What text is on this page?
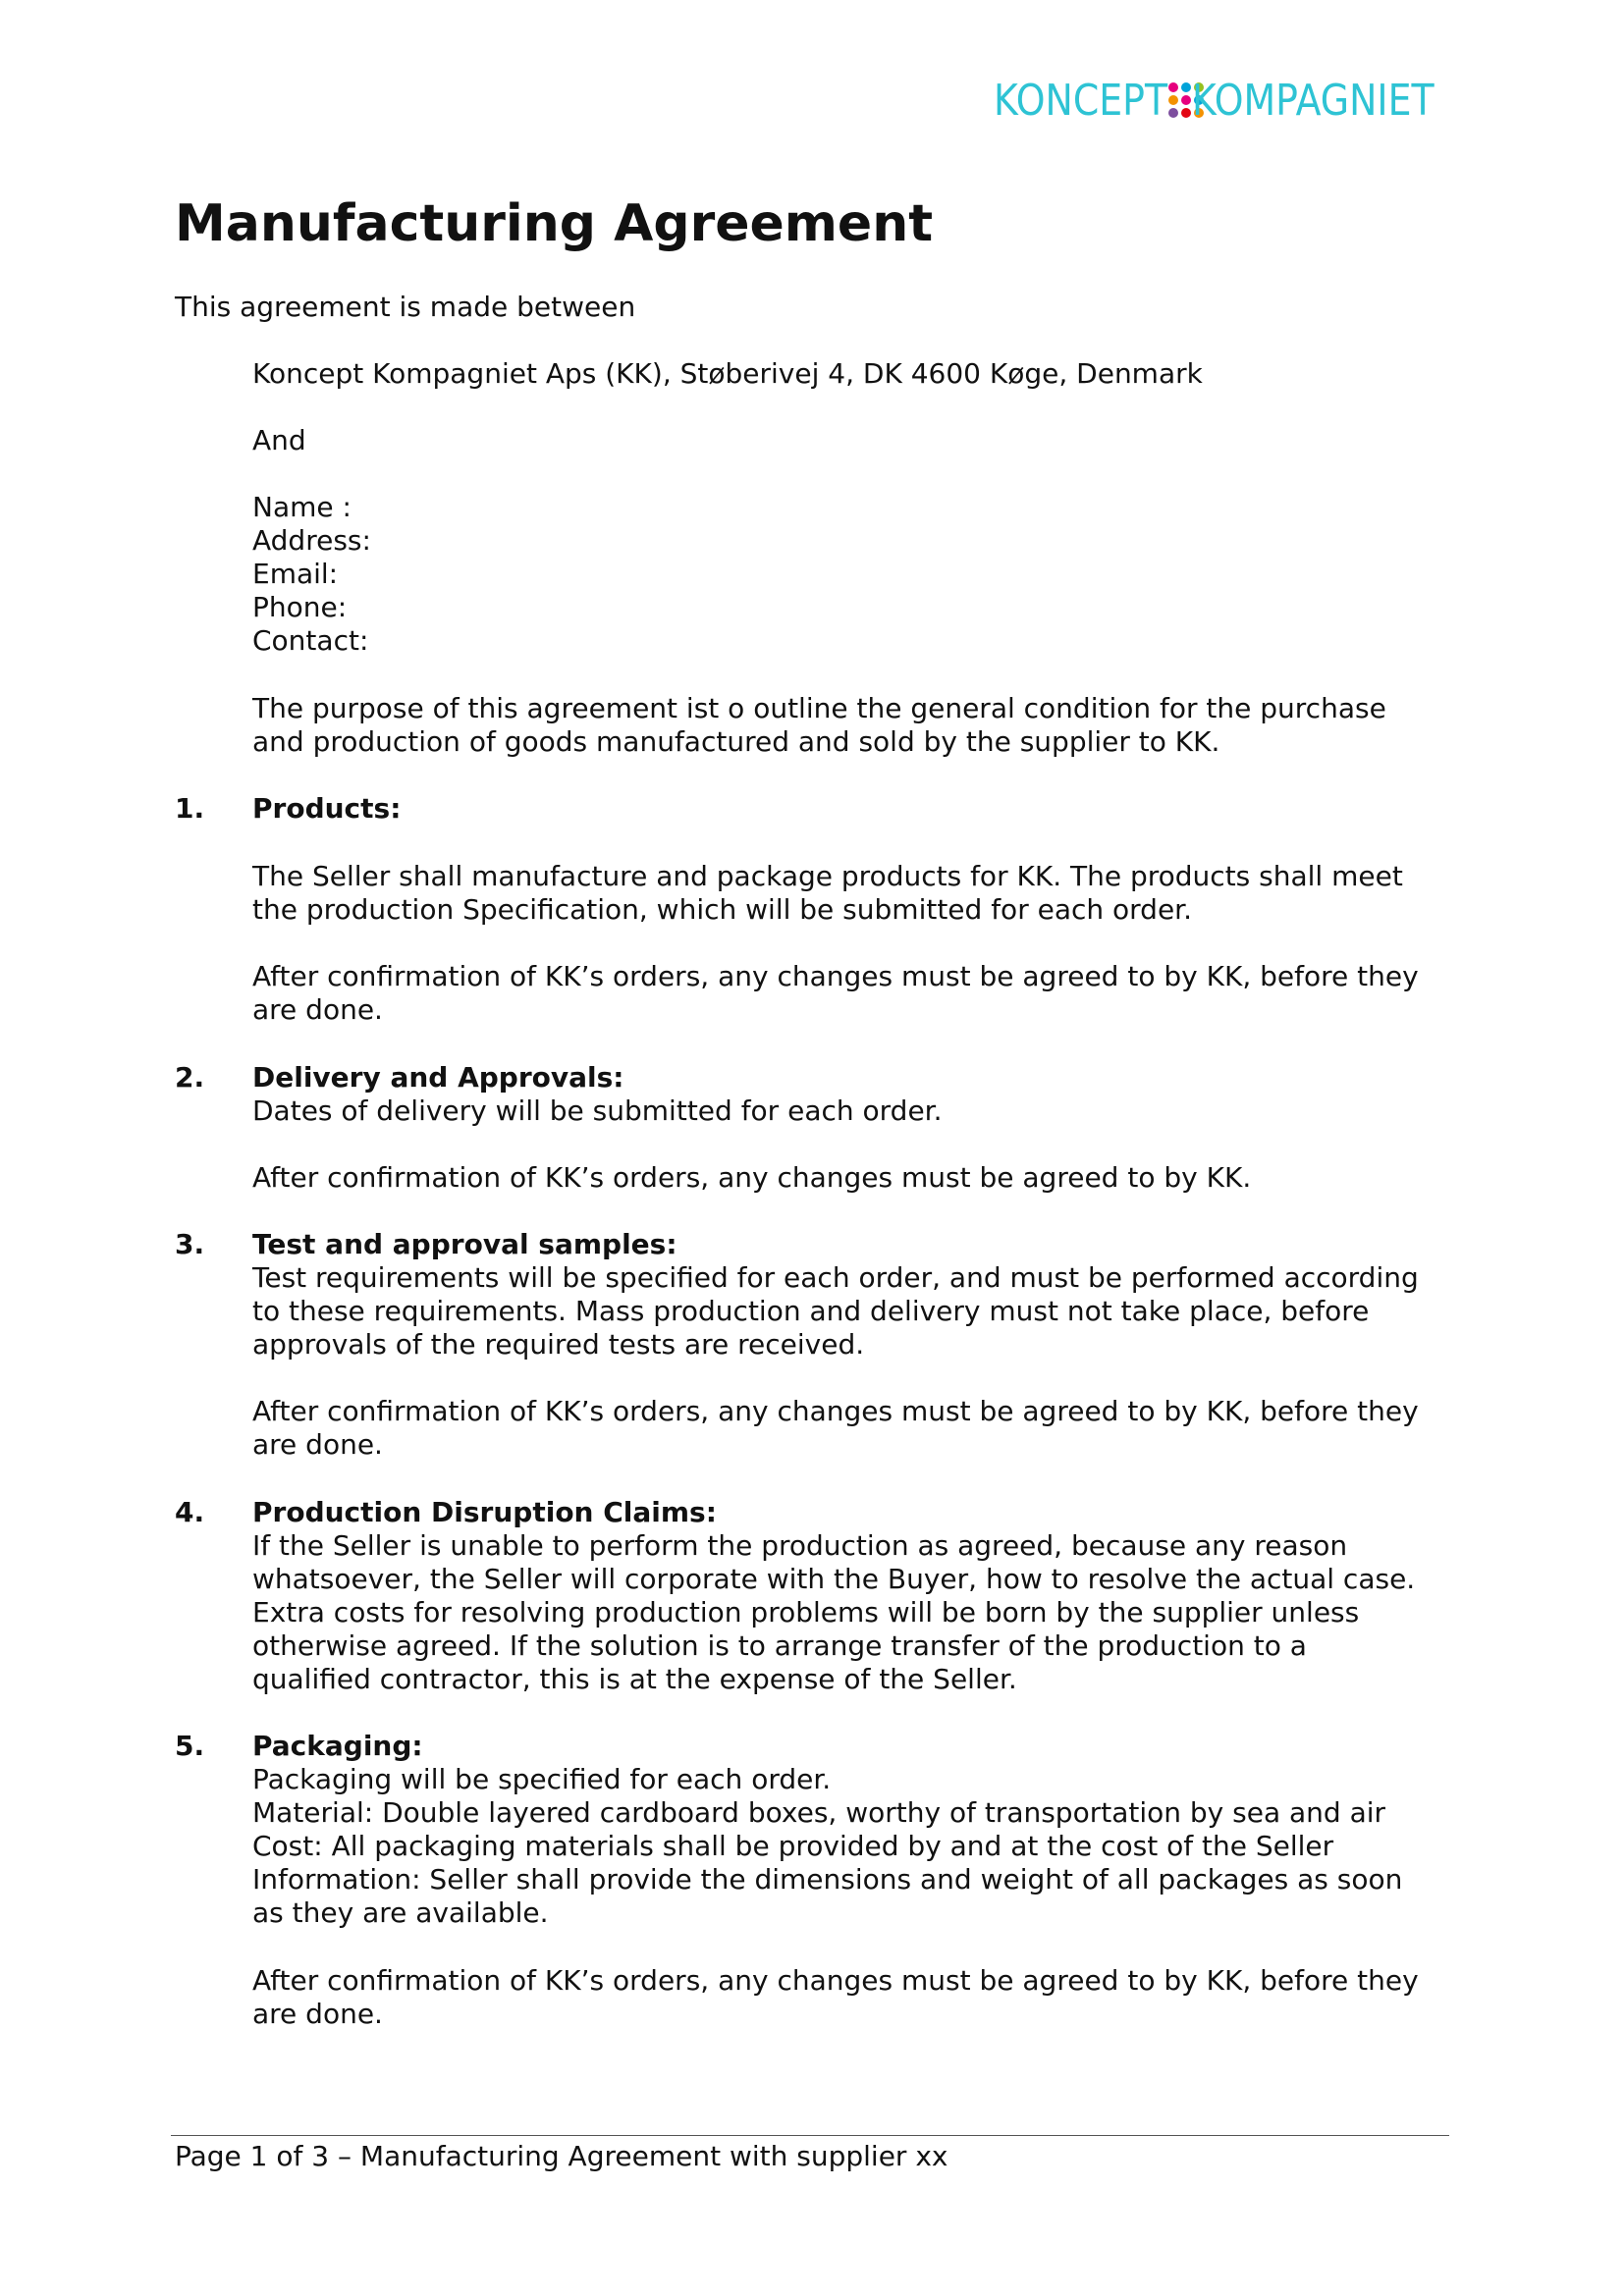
KONCEPT KOMPAGNIET
Manufacturing Agreement

This agreement is made between

Koncept Kompagniet Aps (KK), Støberivej 4, DK 4600 Køge, Denmark

And

Name :

Address:

Email:

Phone:

Contact:

The purpose of this agreement ist o outline the general condition for the purchase

and production of goods manufactured and sold by the supplier to KK.

1. Products:

The Seller shall manufacture and package products for KK. The products shall meet

the production Specification, which will be submitted for each order.

After confirmation of KK’s orders, any changes must be agreed to by KK, before they

are done.

2. Delivery and Approvals:

Dates of delivery will be submitted for each order.

After confirmation of KK’s orders, any changes must be agreed to by KK.

3. Test and approval samples:

Test requirements will be specified for each order, and must be performed according

to these requirements. Mass production and delivery must not take place, before

approvals of the required tests are received.

After confirmation of KK’s orders, any changes must be agreed to by KK, before they

are done.

4. Production Disruption Claims:

If the Seller is unable to perform the production as agreed, because any reason

whatsoever, the Seller will corporate with the Buyer, how to resolve the actual case.

Extra costs for resolving production problems will be born by the supplier unless

otherwise agreed. If the solution is to arrange transfer of the production to a

qualified contractor, this is at the expense of the Seller.

5. Packaging:

Packaging will be specified for each order.

Material: Double layered cardboard boxes, worthy of transportation by sea and air

Cost: All packaging materials shall be provided by and at the cost of the Seller

Information: Seller shall provide the dimensions and weight of all packages as soon

as they are available.

After confirmation of KK’s orders, any changes must be agreed to by KK, before they

are done.

Page 1 of 3 – Manufacturing Agreement with supplier xx
